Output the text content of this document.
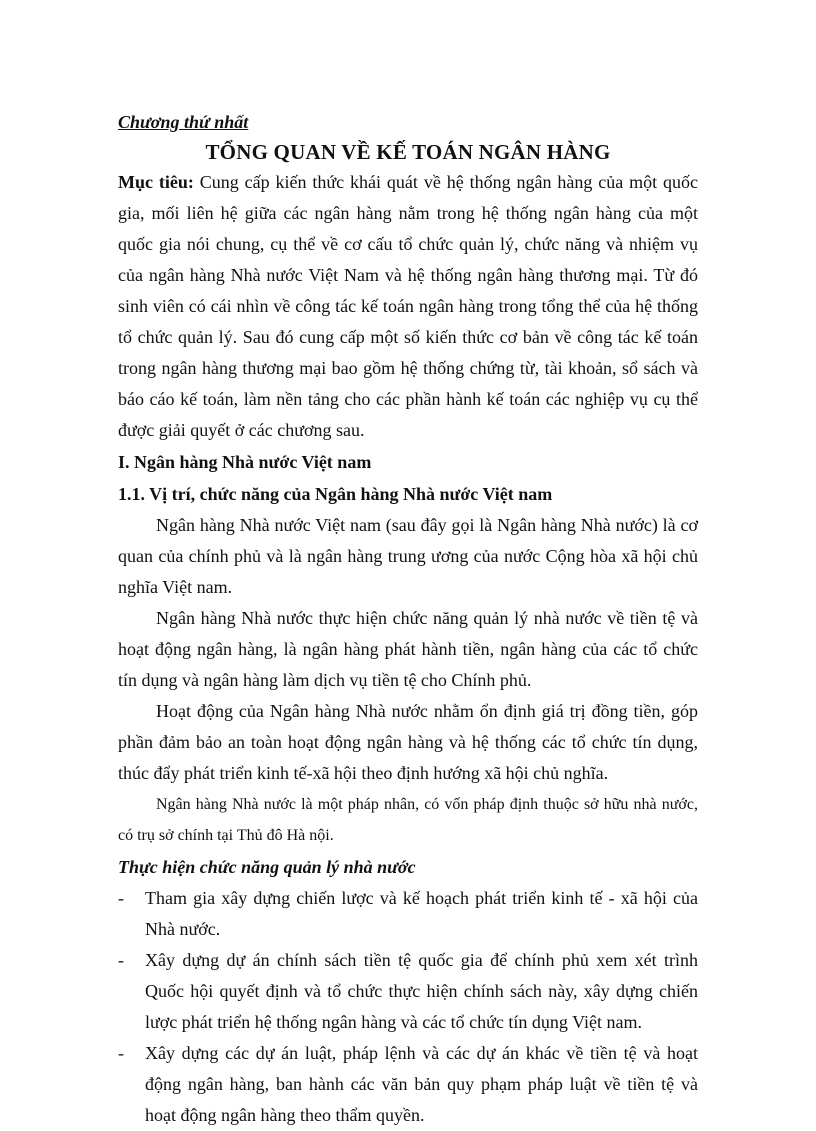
Chương thứ nhất

TỔNG QUAN VỀ KẾ TOÁN NGÂN HÀNG

Mục tiêu: Cung cấp kiến thức khái quát về hệ thống ngân hàng của một quốc gia, mối liên hệ giữa các ngân hàng nằm trong hệ thống ngân hàng của một quốc gia nói chung, cụ thể về cơ cấu tổ chức quản lý, chức năng và nhiệm vụ của ngân hàng Nhà nước Việt Nam và hệ thống ngân hàng thương mại. Từ đó sinh viên có cái nhìn về công tác kế toán ngân hàng trong tổng thể của hệ thống tổ chức quản lý. Sau đó cung cấp một số kiến thức cơ bản về công tác kế toán trong ngân hàng thương mại bao gồm hệ thống chứng từ, tài khoản, sổ sách và báo cáo kế toán, làm nền tảng cho các phần hành kế toán các nghiệp vụ cụ thể được giải quyết ở các chương sau.

I. Ngân hàng Nhà nước Việt nam

1.1. Vị trí, chức năng của Ngân hàng Nhà nước Việt nam

Ngân hàng Nhà nước Việt nam (sau đây gọi là Ngân hàng Nhà nước) là cơ quan của chính phủ và là ngân hàng trung ương của nước Cộng hòa xã hội chủ nghĩa Việt nam.

Ngân hàng Nhà nước thực hiện chức năng quản lý nhà nước về tiền tệ và hoạt động ngân hàng, là ngân hàng phát hành tiền, ngân hàng của các tổ chức tín dụng và ngân hàng làm dịch vụ tiền tệ cho Chính phủ.

Hoạt động của Ngân hàng Nhà nước nhằm ổn định giá trị đồng tiền, góp phần đảm bảo an toàn hoạt động ngân hàng và hệ thống các tổ chức tín dụng, thúc đẩy phát triển kinh tế-xã hội theo định hướng xã hội chủ nghĩa.

Ngân hàng Nhà nước là một pháp nhân, có vốn pháp định thuộc sở hữu nhà nước, có trụ sở chính tại Thủ đô Hà nội.

Thực hiện chức năng quản lý nhà nước

- Tham gia xây dựng chiến lược và kế hoạch phát triển kinh tế - xã hội của Nhà nước.
- Xây dựng dự án chính sách tiền tệ quốc gia để chính phủ xem xét trình Quốc hội quyết định và tổ chức thực hiện chính sách này, xây dựng chiến lược phát triển hệ thống ngân hàng và các tổ chức tín dụng Việt nam.
- Xây dựng các dự án luật, pháp lệnh và các dự án khác về tiền tệ và hoạt động ngân hàng, ban hành các văn bản quy phạm pháp luật về tiền tệ và hoạt động ngân hàng theo thẩm quyền.
